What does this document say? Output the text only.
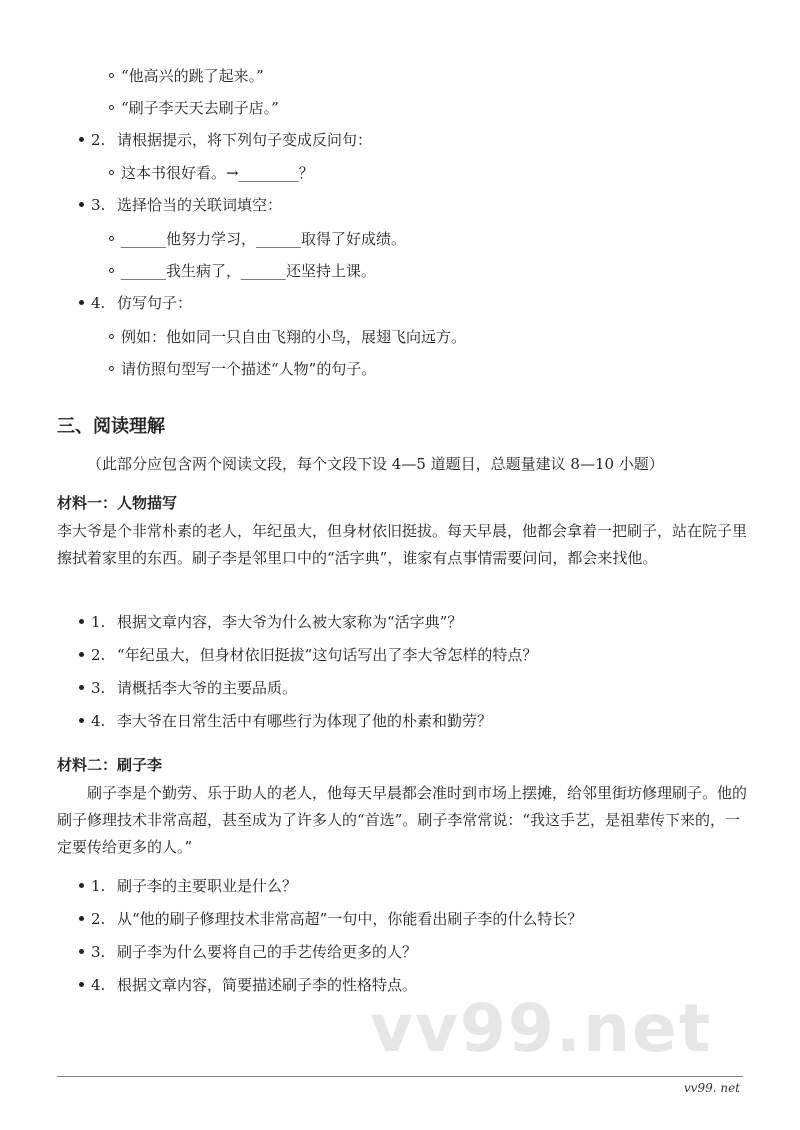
“他高兴的跳了起来。”
“刷子李天天去刷子店。”
2. 请根据提示，将下列句子变成反问句：
这本书很好看。→________？
3. 选择恰当的关联词填空：
______他努力学习，______取得了好成绩。
______我生病了，______还坚持上课。
4. 仿写句子：
例如：他如同一只自由飞翔的小鸟，展翅飞向远方。
请仿照句型写一个描述“人物”的句子。
三、阅读理解
（此部分应包含两个阅读文段，每个文段下设 4—5 道题目，总题量建议 8—10 小题）
材料一：人物描写
李大爷是个非常朴素的老人，年纪虽大，但身材依旧挺拔。每天早晨，他都会拿着一把刷子，站在院子里擦拭着家里的东西。刷子李是邻里口中的“活字典”，谁家有点事情需要问问，都会来找他。
1. 根据文章内容，李大爷为什么被大家称为“活字典”？
2. “年纪虽大，但身材依旧挺拔”这句话写出了李大爷怎样的特点？
3. 请概括李大爷的主要品质。
4. 李大爷在日常生活中有哪些行为体现了他的朴素和勤劳？
材料二：刷子李
刷子李是个勤劳、乐于助人的老人，他每天早晨都会准时到市场上摆摊，给邻里街坊修理刷子。他的刷子修理技术非常高超，甚至成为了许多人的“首选”。刷子李常常说：“我这手艺，是祖辈传下来的，一定要传给更多的人。”
1. 刷子李的主要职业是什么？
2. 从“他的刷子修理技术非常高超”一句中，你能看出刷子李的什么特长？
3. 刷子李为什么要将自己的手艺传给更多的人？
4. 根据文章内容，简要描述刷子李的性格特点。
vv99.net
vv99. net
